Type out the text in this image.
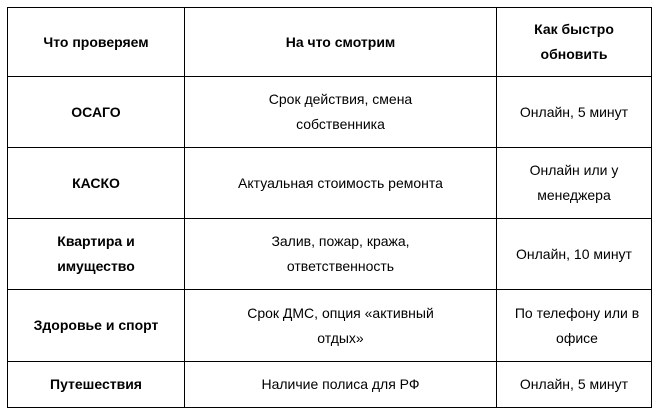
Что проверяем	На что смотрим	Как быстро обновить
ОСАГО	Срок действия, смена собственника	Онлайн, 5 минут
КАСКО	Актуальная стоимость ремонта	Онлайн или у менеджера
Квартира и имущество	Залив, пожар, кража, ответственность	Онлайн, 10 минут
Здоровье и спорт	Срок ДМС, опция «активный отдых»	По телефону или в офисе
Путешествия	Наличие полиса для РФ	Онлайн, 5 минут
